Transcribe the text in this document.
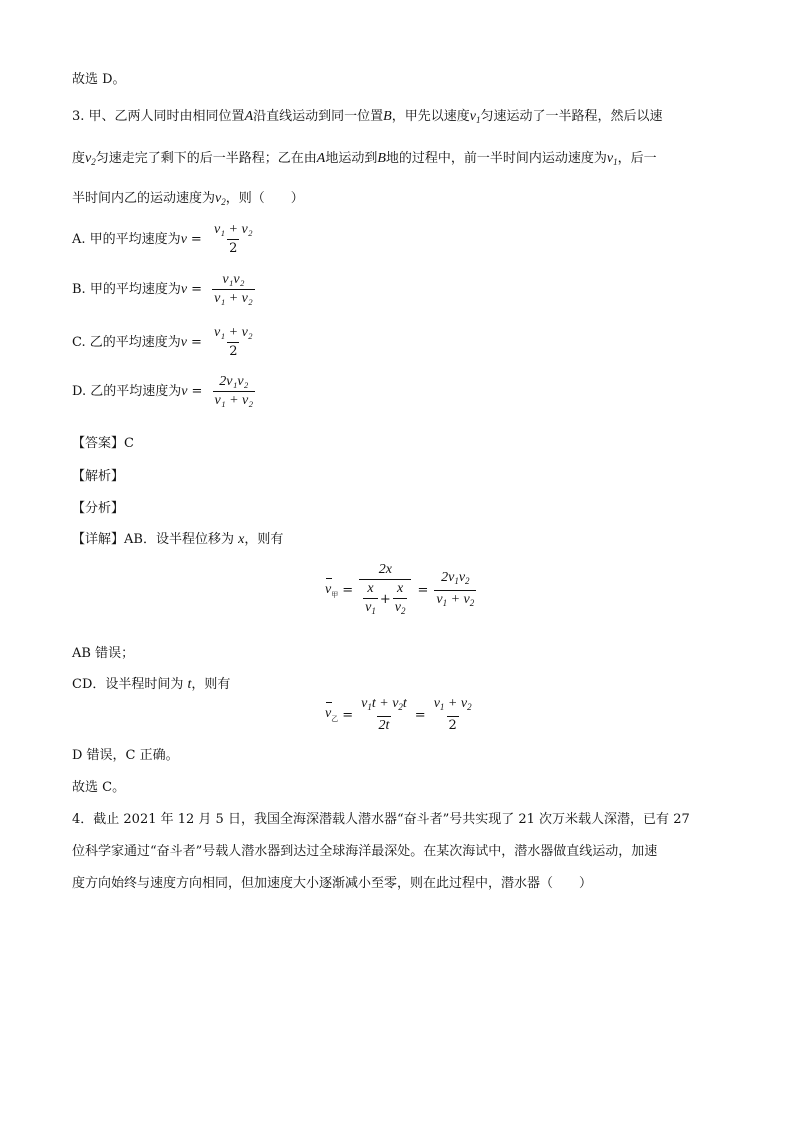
故选 D。
3. 甲、乙两人同时由相同位置A沿直线运动到同一位置B，甲先以速度$v_1$匀速运动了一半路程，然后以速
度$v_2$匀速走完了剩下的后一半路程；乙在由A地运动到B地的过程中，前一半时间内运动速度为$v_1$，后一
半时间内乙的运动速度为$v_2$，则（　　）
A. 甲的平均速度为$v = \frac{\text{v₁ + v₂}}{2}$
B. 甲的平均速度为$v = \frac{\text{v₁v₂}}{\text{v₁ + v₂}}$
C. 乙的平均速度为$v = \frac{\text{v₁ + v₂}}{2}$
D. 乙的平均速度为$v = \frac{\text{2v₁v₂}}{\text{v₁ + v₂}}$
【答案】C
【解析】
【分析】
【详解】AB．设半程位移为 x，则有
$v_甲 = \frac{2x}{\frac{x}{v_1} + \frac{x}{v_2}} = \frac{2v_1v_2}{v_1 + v_2}$
AB 错误；
CD．设半程时间为 t，则有
$v_乙 = \frac{v_1t + v_2t}{2t} = \frac{v_1 + v_2}{2}$
D 错误，C 正确。
故选 C。
4．截止 2021 年 12 月 5 日，我国全海深潜载人潜水器“奋斗者”号共实现了 21 次万米载人深潜，已有 27
位科学家通过“奋斗者”号载人潜水器到达过全球海洋最深处。在某次海试中，潜水器做直线运动，加速
度方向始终与速度方向相同，但加速度大小逐渐减小至零，则在此过程中，潜水器（　　）
